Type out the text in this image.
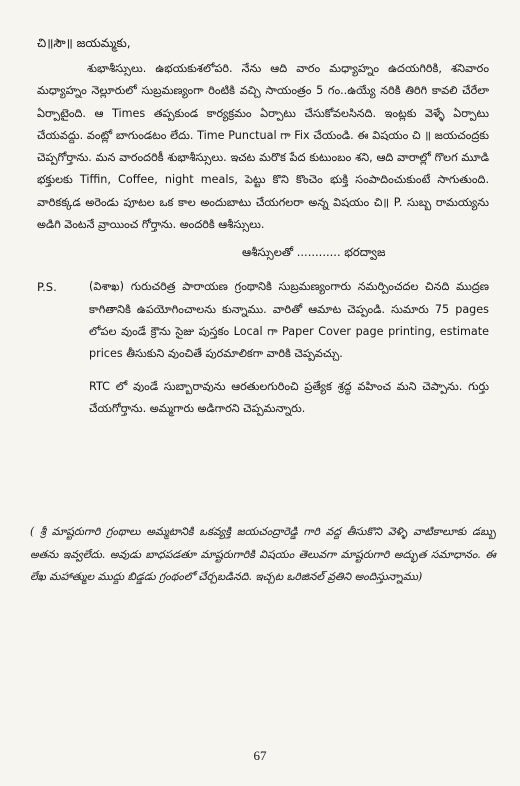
చి॥సౌ॥ జయమ్మకు,

శుభాశీస్సులు. ఉభయకుశలోపరి. నేను ఆది వారం మధ్యాహ్నం ఉదయగిరికి, శనివారం మధ్యాహ్నం నెల్లూరులో సుబ్రమణ్యంగా రింటికి వచ్చి సాయంత్రం 5 గం..ఉయ్యే నరికి తిరిగి కావలి చేరేలా ఏర్పాటైంది. ఆ Times తప్పకుండ కార్యక్రమం ఏర్పాటు చేసుకోవలసినది. ఇంట్లకు వెళ్ళే ఏర్పాటు చేయవద్దు. వంట్లో బాగుండటం లేదు. Time Punctual గా Fix చేయండి. ఈ విషయం చి ॥ జయచంద్రకు చెప్పగోర్తాను. మన వారందరికీ శుభాశీస్సులు. ఇచట మరొక పేద కుటుంబం శని, ఆది వారాల్లో గొలగ మూడి భక్తులకు Tiffin, Coffee, night meals, పెట్టు కొని కొంచెం భుక్తి సంపాదించుకుంటే సాగుతుంది. వారికక్కడ అరెండు పూటల ఒక కాల అందుబాటు చేయగలరా అన్న విషయం చి॥ P. సుబ్బ రామయ్యను అడిగి వెంటనే వ్రాయించ గోర్తాను. అందరికి ఆశీస్సులు.

ఆశీస్సులతో ............ భరద్వాజ

P.S.	(విశాఖ) గురుచరిత్ర పారాయణ గ్రంథానికి సుబ్రమణ్యంగారు నమర్పించదల చినది ముద్రణ కాగితానికి ఉపయోగించాలను కున్నాము. వారితో ఆమాట చెప్పండి. సుమారు 75 pages లోపల వుండే క్రౌను సైజు పుస్తకం Local గా Paper Cover page printing, estimate prices తీసుకుని వుంచితే పురమాలికగా వారికి చెప్పవచ్చు.

RTC లో వుండే సుబ్బారావును ఆరతులగురించి ప్రత్యేక శ్రద్ధ వహించ మని చెప్పాను. గుర్తు చేయగోర్తాను. అమ్మగారు అడిగారని చెప్పమన్నారు.

( శ్రీ మాష్టరుగారి గ్రంథాలు అమ్మటానికి ఒకవ్యక్తి జయచంద్రారెడ్డి గారి వద్ద తీసుకొని వెళ్ళి వాటికాలూకు డబ్బు అతను ఇవ్వలేదు. అవుడు బాధపడతూ మాష్టరుగారికి విషయం తెలువగా మాష్టరుగారి అద్భుత సమాధానం. ఈ లేఖ మహాత్ముల ముద్దు బిడ్డడు గ్రంథంలో చేర్చబడినది. ఇచ్చట ఒరిజినల్ వ్రతిని అందిస్తున్నాము)

67
